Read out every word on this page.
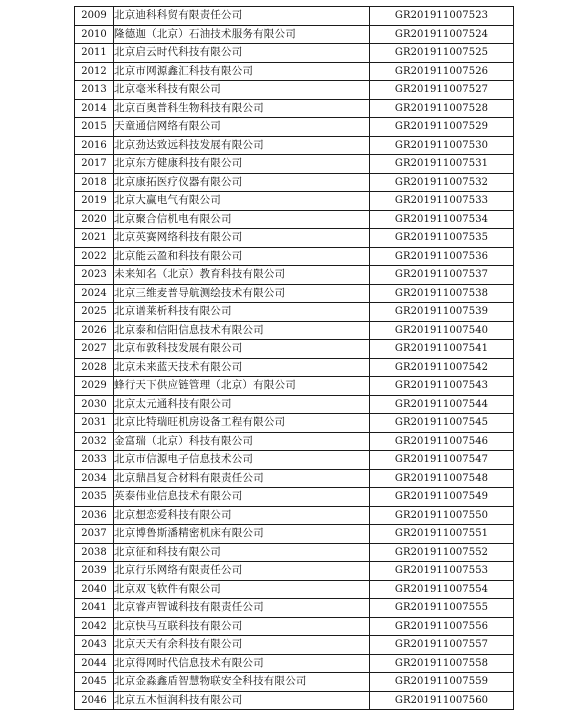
2009	北京迪科科贸有限责任公司	GR201911007523
2010	隆德迦（北京）石油技术服务有限公司	GR201911007524
2011	北京启云时代科技有限公司	GR201911007525
2012	北京市网源鑫汇科技有限公司	GR201911007526
2013	北京毫米科技有限公司	GR201911007527
2014	北京百奥普科生物科技有限公司	GR201911007528
2015	天童通信网络有限公司	GR201911007529
2016	北京劲达致远科技发展有限公司	GR201911007530
2017	北京东方健康科技有限公司	GR201911007531
2018	北京康拓医疗仪器有限公司	GR201911007532
2019	北京大赢电气有限公司	GR201911007533
2020	北京聚合信机电有限公司	GR201911007534
2021	北京英赛网络科技有限公司	GR201911007535
2022	北京能云盈和科技有限公司	GR201911007536
2023	未来知名（北京）教育科技有限公司	GR201911007537
2024	北京三维麦普导航测绘技术有限公司	GR201911007538
2025	北京谱莱析科技有限公司	GR201911007539
2026	北京泰和信阳信息技术有限公司	GR201911007540
2027	北京布敦科技发展有限公司	GR201911007541
2028	北京未来蓝天技术有限公司	GR201911007542
2029	蜂行天下供应链管理（北京）有限公司	GR201911007543
2030	北京太元通科技有限公司	GR201911007544
2031	北京比特瑞旺机房设备工程有限公司	GR201911007545
2032	金富瑞（北京）科技有限公司	GR201911007546
2033	北京市信源电子信息技术公司	GR201911007547
2034	北京鼎昌复合材料有限责任公司	GR201911007548
2035	英泰伟业信息技术有限公司	GR201911007549
2036	北京想恋爱科技有限公司	GR201911007550
2037	北京博鲁斯潘精密机床有限公司	GR201911007551
2038	北京征和科技有限公司	GR201911007552
2039	北京行乐网络有限责任公司	GR201911007553
2040	北京双飞软件有限公司	GR201911007554
2041	北京睿声智诚科技有限责任公司	GR201911007555
2042	北京快马互联科技有限公司	GR201911007556
2043	北京天天有余科技有限公司	GR201911007557
2044	北京得网时代信息技术有限公司	GR201911007558
2045	北京金淼鑫盾智慧物联安全科技有限公司	GR201911007559
2046	北京五木恒润科技有限公司	GR201911007560
